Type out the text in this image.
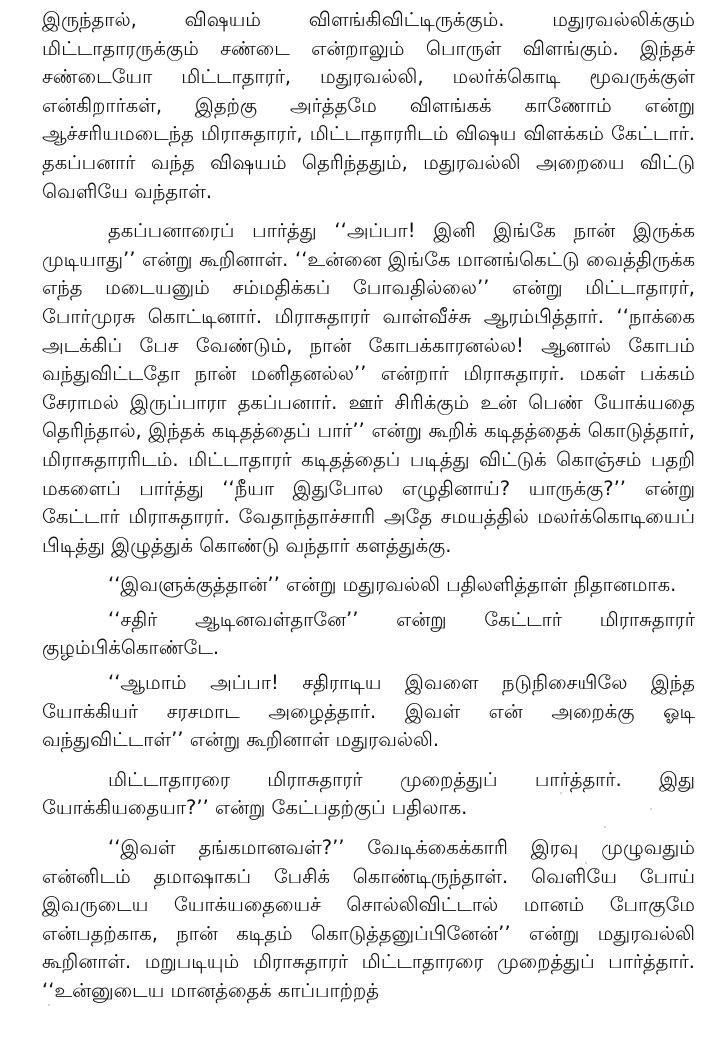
இருந்தால், விஷயம் விளங்கிவிட்டிருக்கும். மதுரவல்லிக்கும் மிட்டாதாரருக்கும் சண்டை என்றாலும் பொருள் விளங்கும். இந்தச் சண்டையோ மிட்டாதாரர், மதுரவல்லி, மலர்க்கொடி மூவருக்குள் என்கிறார்கள், இதற்கு அர்த்தமே விளங்கக் காணோம் என்று ஆச்சரியமடைந்த மிராசுதாரர், மிட்டாதாரரிடம் விஷய விளக்கம் கேட்டார். தகப்பனார் வந்த விஷயம் தெரிந்ததும், மதுரவல்லி அறையை விட்டு வெளியே வந்தாள்.

தகப்பனாரைப் பார்த்து ‘‘அப்பா! இனி இங்கே நான் இருக்க முடியாது’’ என்று கூறினாள். ‘‘உன்னை இங்கே மானங்கெட்டு வைத்திருக்க எந்த மடையனும் சம்மதிக்கப் போவதில்லை’’ என்று மிட்டாதாரர், போர்முரசு கொட்டினார். மிராசுதாரர் வாள்வீச்சு ஆரம்பித்தார். ‘‘நாக்கை அடக்கிப் பேச வேண்டும், நான் கோபக்காரனல்ல! ஆனால் கோபம் வந்துவிட்டதோ நான் மனிதனல்ல’’ என்றார் மிராசுதாரர். மகள் பக்கம் சேராமல் இருப்பாரா தகப்பனார். ஊர் சிரிக்கும் உன் பெண் யோக்யதை தெரிந்தால், இந்தக் கடிதத்தைப் பார்’’ என்று கூறிக் கடிதத்தைக் கொடுத்தார், மிராசுதாரரிடம். மிட்டாதாரர் கடிதத்தைப் படித்து விட்டுக் கொஞ்சம் பதறி மகளைப் பார்த்து ‘‘நீயா இதுபோல எழுதினாய்? யாருக்கு?’’ என்று கேட்டார் மிராசுதாரர். வேதாந்தாச்சாரி அதே சமயத்தில் மலர்க்கொடியைப் பிடித்து இழுத்துக் கொண்டு வந்தார் களத்துக்கு.

‘‘இவளுக்குத்தான்’’ என்று மதுரவல்லி பதிலளித்தாள் நிதானமாக.

‘‘சதிர் ஆடினவள்தானே’’ என்று கேட்டார் மிராசுதாரர் குழம்பிக்கொண்டே.

‘‘ஆமாம் அப்பா! சதிராடிய இவளை நடுநிசையிலே இந்த யோக்கியர் சரசமாட அழைத்தார். இவள் என் அறைக்கு ஓடி வந்துவிட்டாள்’’ என்று கூறினாள் மதுரவல்லி.

மிட்டாதாரரை மிராசுதாரர் முறைத்துப் பார்த்தார். இது யோக்கியதையா?’’ என்று கேட்பதற்குப் பதிலாக.

‘‘இவள் தங்கமானவள்?’’ வேடிக்கைக்காரி இரவு முழுவதும் என்னிடம் தமாஷாகப் பேசிக் கொண்டிருந்தாள். வெளியே போய் இவருடைய யோக்யதையைச் சொல்லிவிட்டால் மானம் போகுமே என்பதற்காக, நான் கடிதம் கொடுத்தனுப்பினேன்’’ என்று மதுரவல்லி கூறினாள். மறுபடியும் மிராசுதாரர் மிட்டாதாரரை முறைத்துப் பார்த்தார். ‘‘உன்னுடைய மானத்தைக் காப்பாற்றத்
